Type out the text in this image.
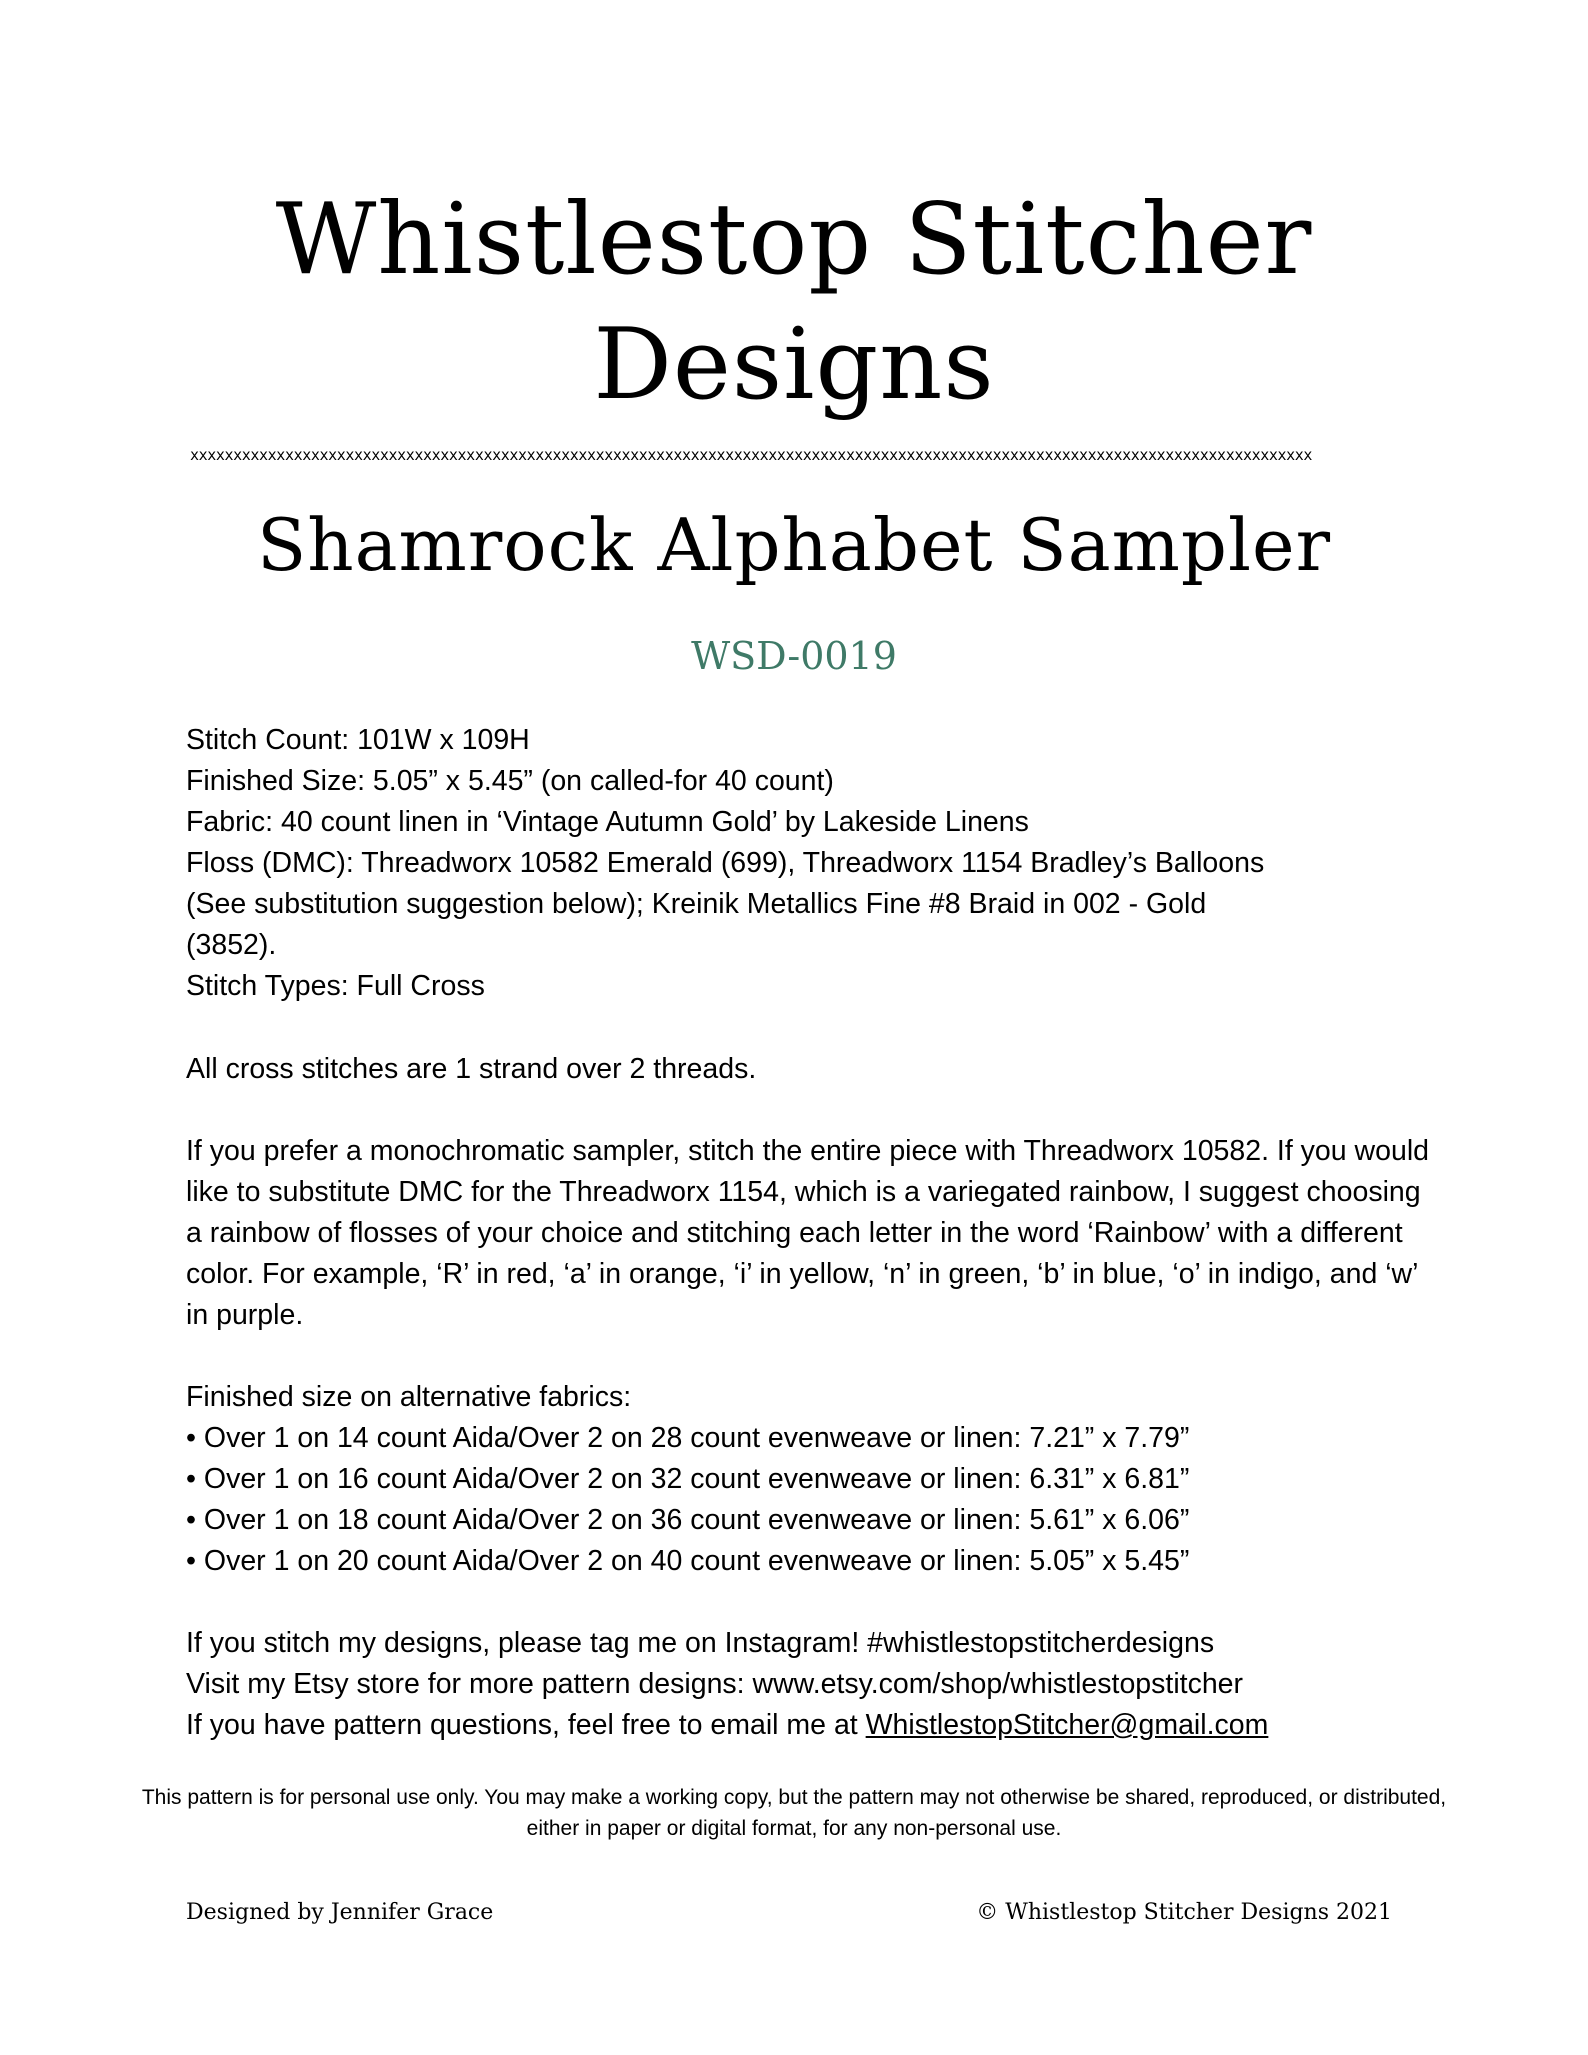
Whistlestop Stitcher
Designs
xxxxxxxxxxxxxxxxxxxxxxxxxxxxxxxxxxxxxxxxxxxxxxxxxxxxxxxxxxxxxxxxxxxxxxxxxxxxxxxxxxxxxxxxxxxxxxxxxxxxxxxxxxxxxxxxxxxxxxxxxxxxxxxxxx
Shamrock Alphabet Sampler
WSD-0019
Stitch Count: 101W x 109H
Finished Size: 5.05” x 5.45” (on called-for 40 count)
Fabric: 40 count linen in ‘Vintage Autumn Gold’ by Lakeside Linens
Floss (DMC): Threadworx 10582 Emerald (699), Threadworx 1154 Bradley’s Balloons
(See substitution suggestion below); Kreinik Metallics Fine #8 Braid in 002 - Gold
(3852).
Stitch Types: Full Cross
All cross stitches are 1 strand over 2 threads.
If you prefer a monochromatic sampler, stitch the entire piece with Threadworx 10582. If you would like to substitute DMC for the Threadworx 1154, which is a variegated rainbow, I suggest choosing a rainbow of flosses of your choice and stitching each letter in the word ‘Rainbow’ with a different color. For example, ‘R’ in red, ‘a’ in orange, ‘i’ in yellow, ‘n’ in green, ‘b’ in blue, ‘o’ in indigo, and ‘w’ in purple.
Finished size on alternative fabrics:
• Over 1 on 14 count Aida/Over 2 on 28 count evenweave or linen: 7.21” x 7.79”
• Over 1 on 16 count Aida/Over 2 on 32 count evenweave or linen: 6.31” x 6.81”
• Over 1 on 18 count Aida/Over 2 on 36 count evenweave or linen: 5.61” x 6.06”
• Over 1 on 20 count Aida/Over 2 on 40 count evenweave or linen: 5.05” x 5.45”
If you stitch my designs, please tag me on Instagram! #whistlestopstitcherdesigns
Visit my Etsy store for more pattern designs: www.etsy.com/shop/whistlestopstitcher
If you have pattern questions, feel free to email me at WhistlestopStitcher@gmail.com
This pattern is for personal use only. You may make a working copy, but the pattern may not otherwise be shared, reproduced, or distributed, either in paper or digital format, for any non-personal use.
Designed by Jennifer Grace	© Whistlestop Stitcher Designs 2021
